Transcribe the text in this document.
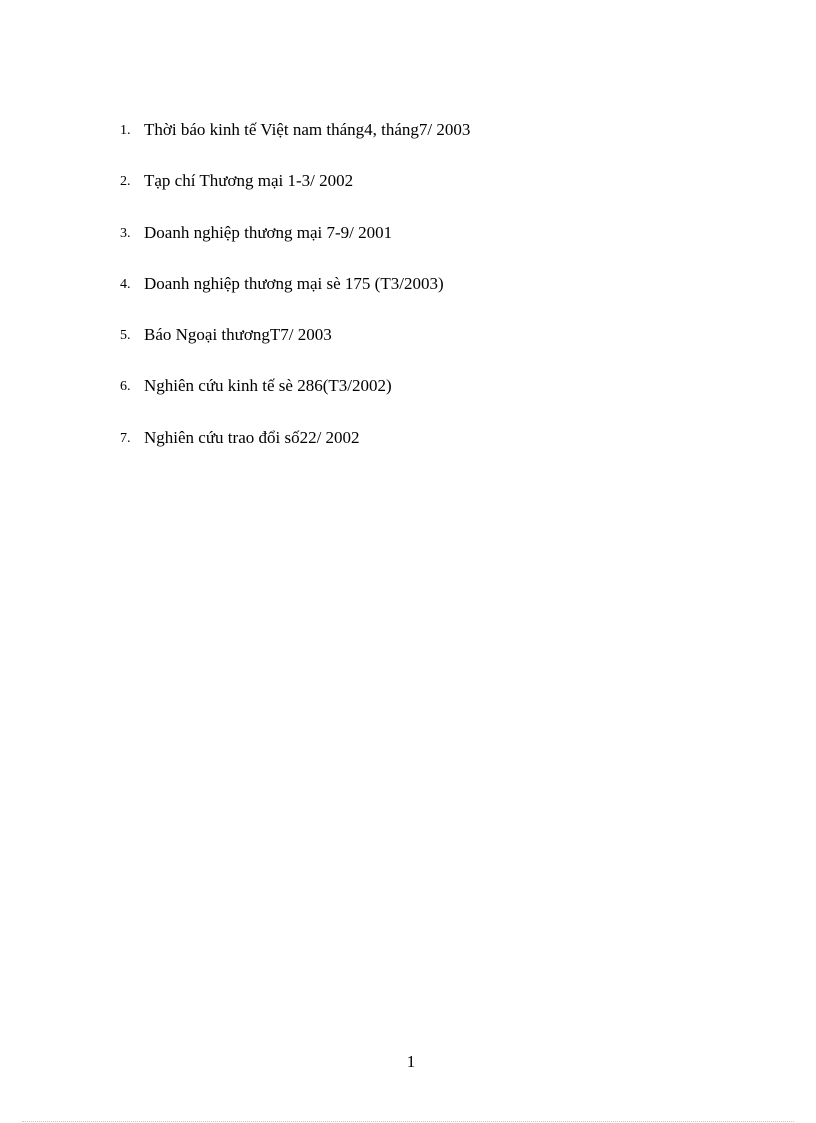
1. Thời báo kinh tế Việt nam tháng4, tháng7/ 2003
2. Tạp chí Thương mại 1-3/ 2002
3. Doanh nghiệp thương mại 7-9/ 2001
4. Doanh nghiệp thương mại sè 175 (T3/2003)
5. Báo Ngoại thươngT7/ 2003
6. Nghiên cứu kinh tế sè 286(T3/2002)
7. Nghiên cứu trao đổi số22/ 2002
1
